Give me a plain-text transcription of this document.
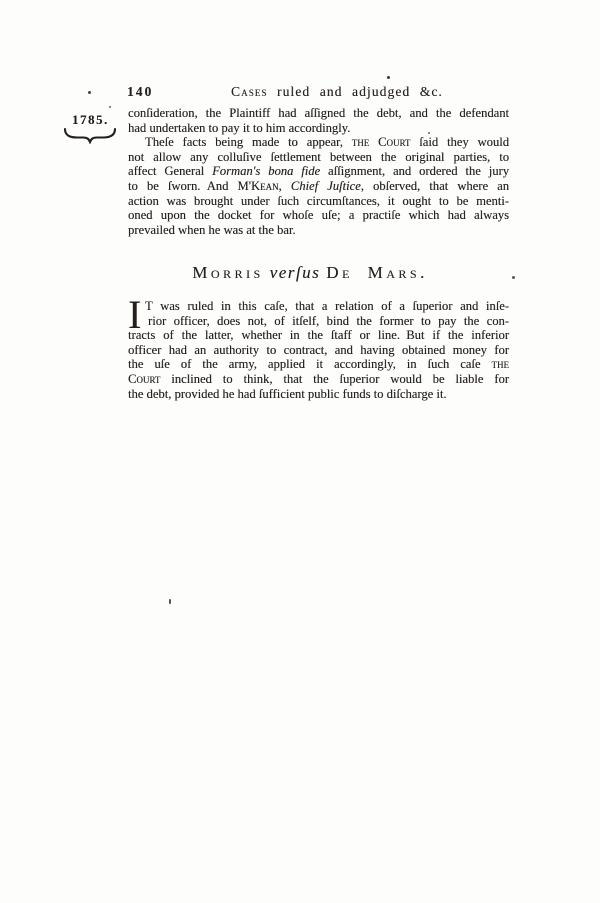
140	Cases ruled and adjudged &c.
1785. conſideration, the Plaintiff had aſſigned the debt, and the defendant
had undertaken to pay it to him accordingly.
Theſe facts being made to appear, the Court ſaid they would
not allow any colluſive ſettlement between the original parties, to
affect General Forman's bona fide aſſignment, and ordered the jury
to be ſworn. And M'Kean, Chief Juſtice, obſerved, that where an
action was brought under ſuch circumſtances, it ought to be menti-
oned upon the docket for whoſe uſe; a practiſe which had always
prevailed when he was at the bar.
Morris verſus De Mars.
I T was ruled in this caſe, that a relation of a ſuperior and inſe-
rior officer, does not, of itſelf, bind the former to pay the con-
tracts of the latter, whether in the ſtaff or line. But if the inferior
officer had an authority to contract, and having obtained money for
the uſe of the army, applied it accordingly, in ſuch caſe the
Court inclined to think, that the ſuperior would be liable for
the debt, provided he had ſufficient public funds to diſcharge it.
